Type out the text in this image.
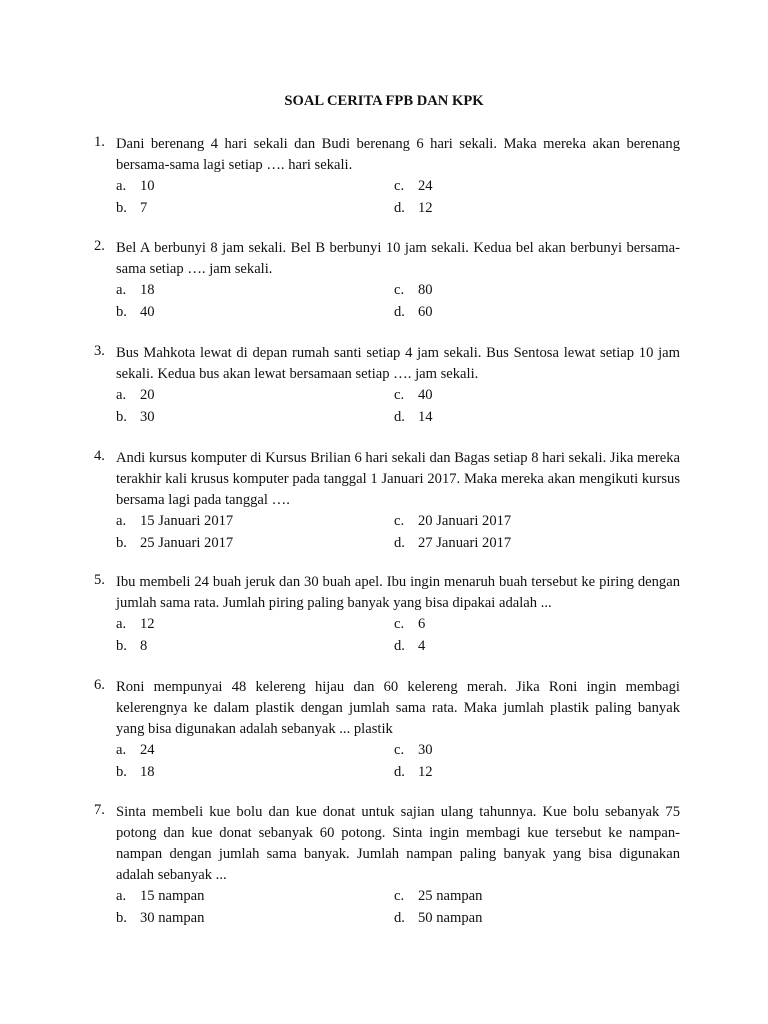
SOAL CERITA FPB DAN KPK
1. Dani berenang 4 hari sekali dan Budi berenang 6 hari sekali. Maka mereka akan berenang bersama-sama lagi setiap …. hari sekali.
a. 10	c. 24
b. 7	d. 12
2. Bel A berbunyi 8 jam sekali. Bel B berbunyi 10 jam sekali. Kedua bel akan berbunyi bersama-sama setiap …. jam sekali.
a. 18	c. 80
b. 40	d. 60
3. Bus Mahkota lewat di depan rumah santi setiap 4 jam sekali. Bus Sentosa lewat setiap 10 jam sekali. Kedua bus akan lewat bersamaan setiap …. jam sekali.
a. 20	c. 40
b. 30	d. 14
4. Andi kursus komputer di Kursus Brilian 6 hari sekali dan Bagas setiap 8 hari sekali. Jika mereka terakhir kali krusus komputer pada tanggal 1 Januari 2017. Maka mereka akan mengikuti kursus bersama lagi pada tanggal ….
a. 15 Januari 2017	c. 20 Januari 2017
b. 25 Januari 2017	d. 27 Januari 2017
5. Ibu membeli 24 buah jeruk dan 30 buah apel. Ibu ingin menaruh buah tersebut ke piring dengan jumlah sama rata. Jumlah piring paling banyak yang bisa dipakai adalah ...
a. 12	c. 6
b. 8	d. 4
6. Roni mempunyai 48 kelereng hijau dan 60 kelereng merah. Jika Roni ingin membagi kelerengnya ke dalam plastik dengan jumlah sama rata. Maka jumlah plastik paling banyak yang bisa digunakan adalah sebanyak ... plastik
a. 24	c. 30
b. 18	d. 12
7. Sinta membeli kue bolu dan kue donat untuk sajian ulang tahunnya. Kue bolu sebanyak 75 potong dan kue donat sebanyak 60 potong. Sinta ingin membagi kue tersebut ke nampan-nampan dengan jumlah sama banyak. Jumlah nampan paling banyak yang bisa digunakan adalah sebanyak ...
a. 15 nampan	c. 25 nampan
b. 30 nampan	d. 50 nampan
